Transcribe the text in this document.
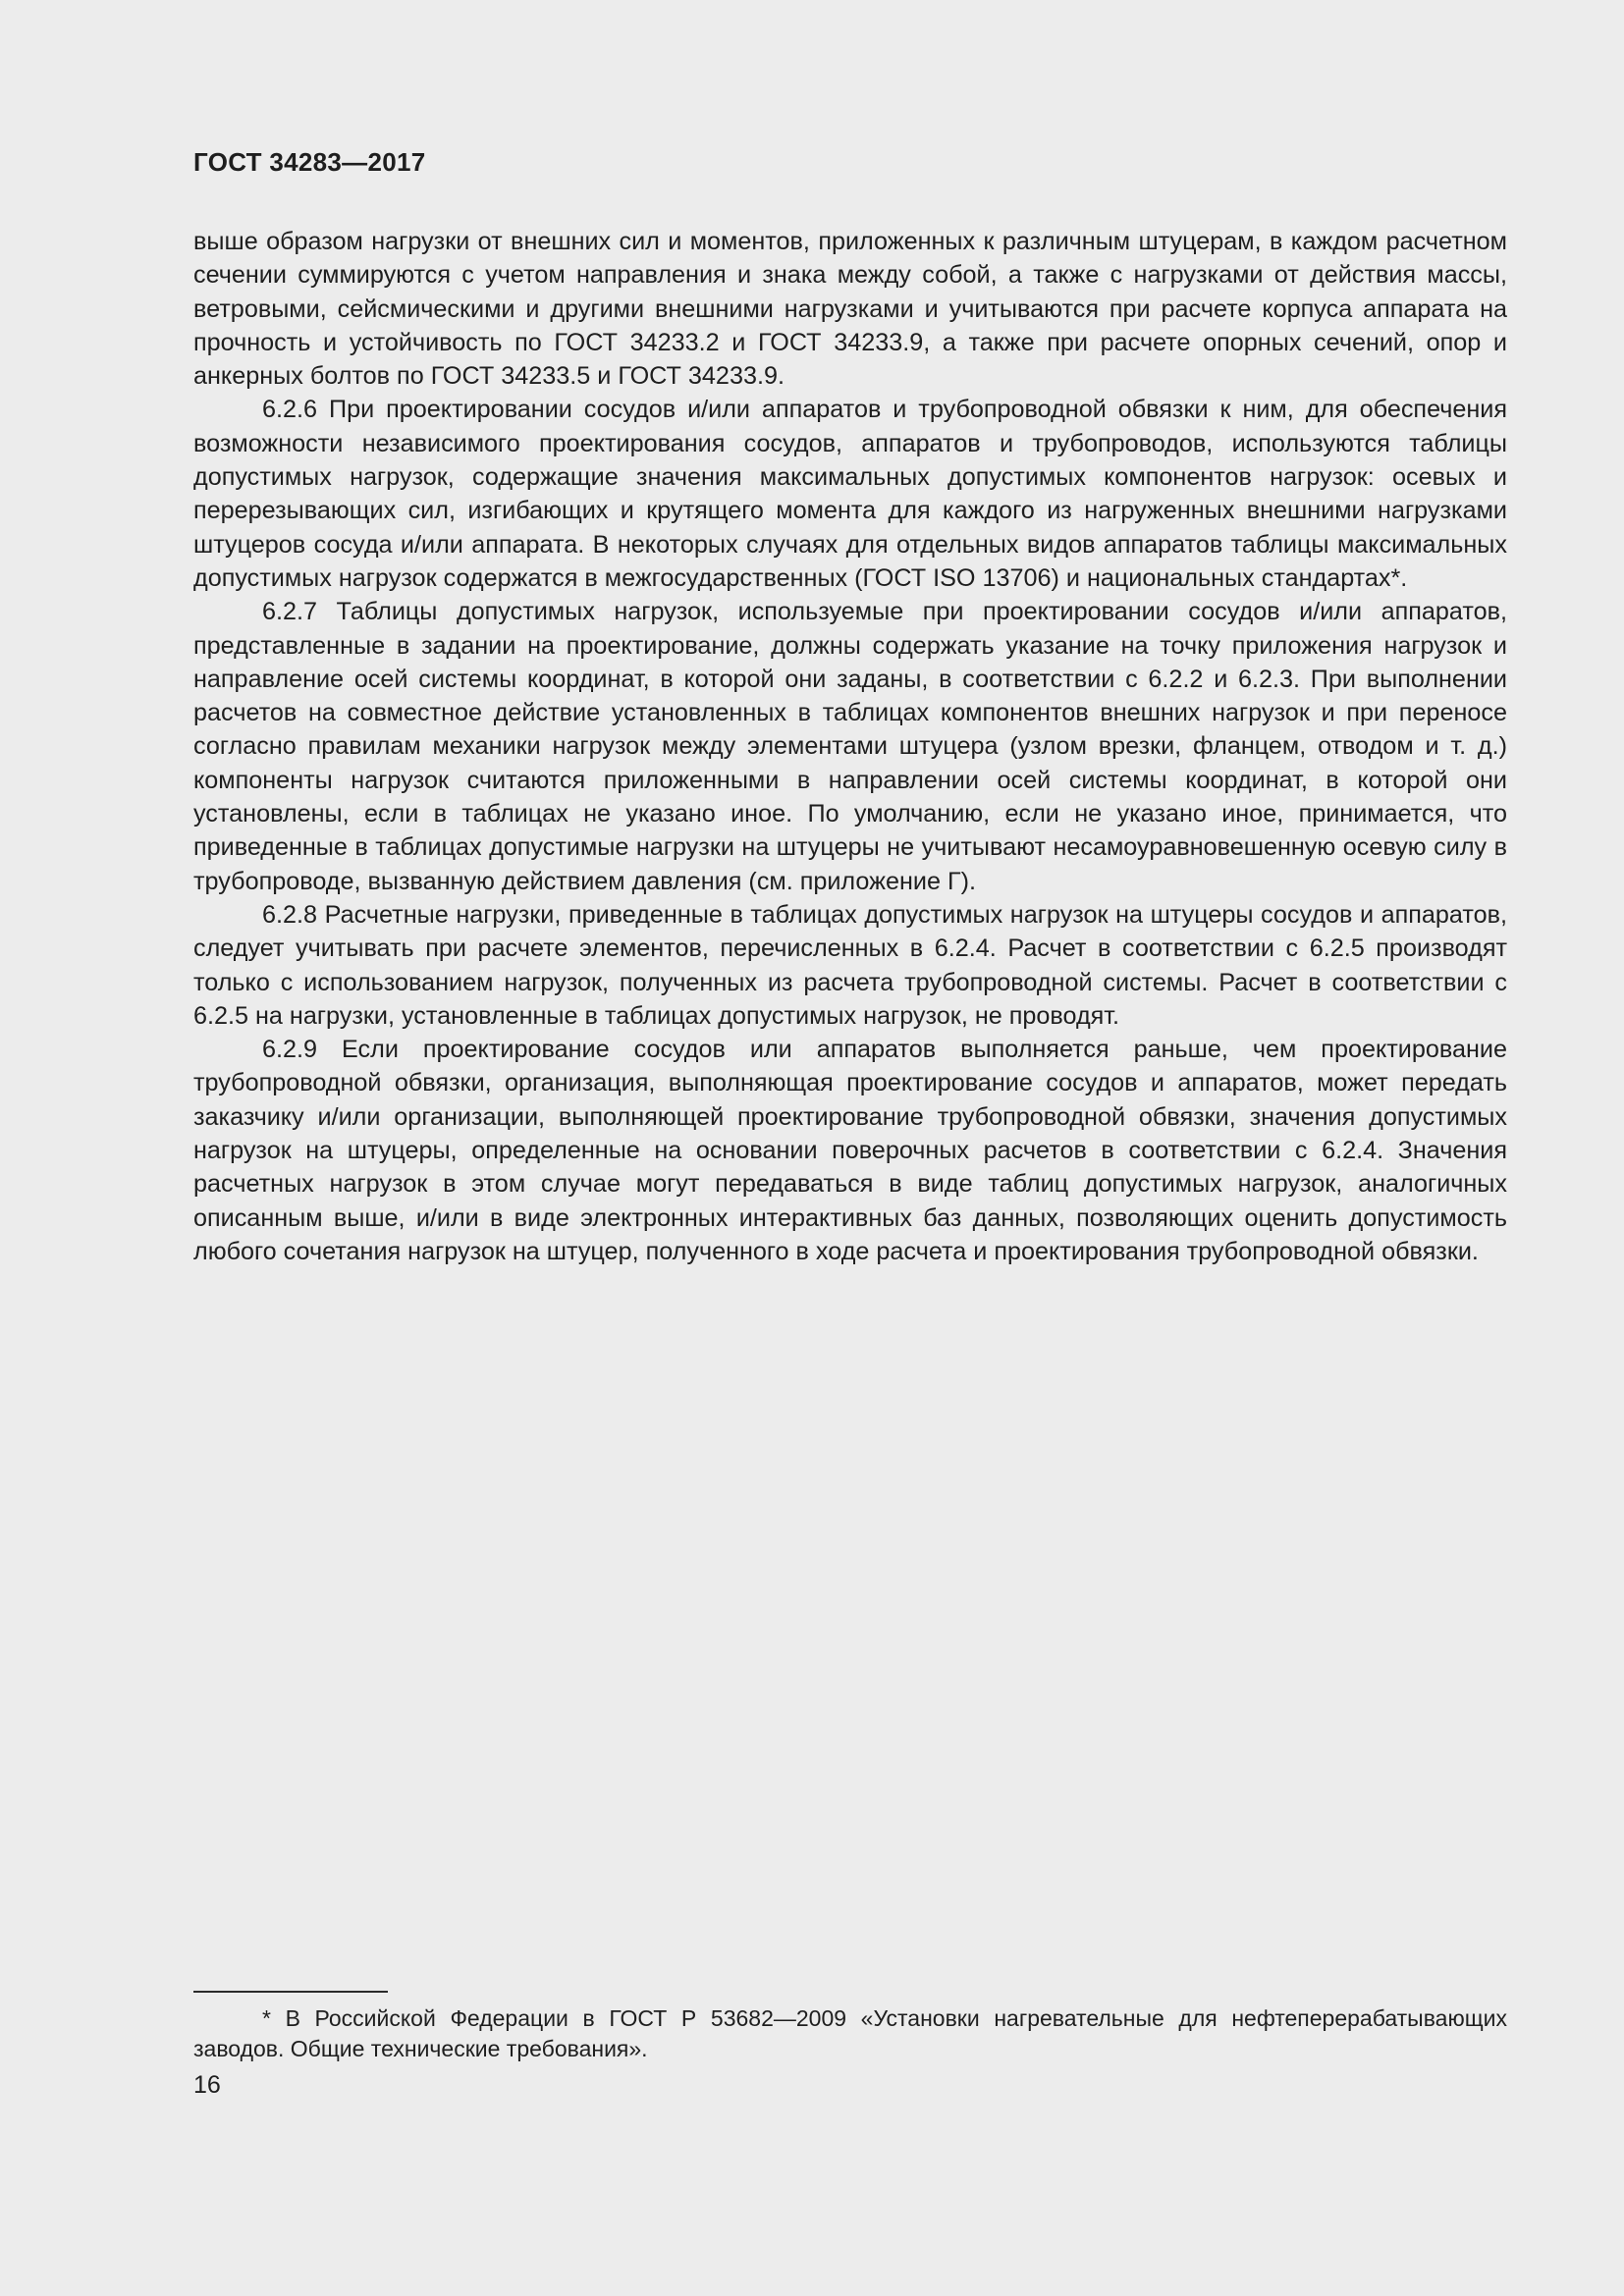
ГОСТ 34283—2017

выше образом нагрузки от внешних сил и моментов, приложенных к различным штуцерам, в каждом расчетном сечении суммируются с учетом направления и знака между собой, а также с нагрузками от действия массы, ветровыми, сейсмическими и другими внешними нагрузками и учитываются при расчете корпуса аппарата на прочность и устойчивость по ГОСТ 34233.2 и ГОСТ 34233.9, а также при расчете опорных сечений, опор и анкерных болтов по ГОСТ 34233.5 и ГОСТ 34233.9.

6.2.6 При проектировании сосудов и/или аппаратов и трубопроводной обвязки к ним, для обеспечения возможности независимого проектирования сосудов, аппаратов и трубопроводов, используются таблицы допустимых нагрузок, содержащие значения максимальных допустимых компонентов нагрузок: осевых и перерезывающих сил, изгибающих и крутящего момента для каждого из нагруженных внешними нагрузками штуцеров сосуда и/или аппарата. В некоторых случаях для отдельных видов аппаратов таблицы максимальных допустимых нагрузок содержатся в межгосударственных (ГОСТ ISO 13706) и национальных стандартах*.

6.2.7 Таблицы допустимых нагрузок, используемые при проектировании сосудов и/или аппаратов, представленные в задании на проектирование, должны содержать указание на точку приложения нагрузок и направление осей системы координат, в которой они заданы, в соответствии с 6.2.2 и 6.2.3. При выполнении расчетов на совместное действие установленных в таблицах компонентов внешних нагрузок и при переносе согласно правилам механики нагрузок между элементами штуцера (узлом врезки, фланцем, отводом и т. д.) компоненты нагрузок считаются приложенными в направлении осей системы координат, в которой они установлены, если в таблицах не указано иное. По умолчанию, если не указано иное, принимается, что приведенные в таблицах допустимые нагрузки на штуцеры не учитывают несамоуравновешенную осевую силу в трубопроводе, вызванную действием давления (см. приложение Г).

6.2.8 Расчетные нагрузки, приведенные в таблицах допустимых нагрузок на штуцеры сосудов и аппаратов, следует учитывать при расчете элементов, перечисленных в 6.2.4. Расчет в соответствии с 6.2.5 производят только с использованием нагрузок, полученных из расчета трубопроводной системы. Расчет в соответствии с 6.2.5 на нагрузки, установленные в таблицах допустимых нагрузок, не проводят.

6.2.9 Если проектирование сосудов или аппаратов выполняется раньше, чем проектирование трубопроводной обвязки, организация, выполняющая проектирование сосудов и аппаратов, может передать заказчику и/или организации, выполняющей проектирование трубопроводной обвязки, значения допустимых нагрузок на штуцеры, определенные на основании поверочных расчетов в соответствии с 6.2.4. Значения расчетных нагрузок в этом случае могут передаваться в виде таблиц допустимых нагрузок, аналогичных описанным выше, и/или в виде электронных интерактивных баз данных, позволяющих оценить допустимость любого сочетания нагрузок на штуцер, полученного в ходе расчета и проектирования трубопроводной обвязки.

* В Российской Федерации в ГОСТ Р 53682—2009 «Установки нагревательные для нефтеперерабатывающих заводов. Общие технические требования».
16
